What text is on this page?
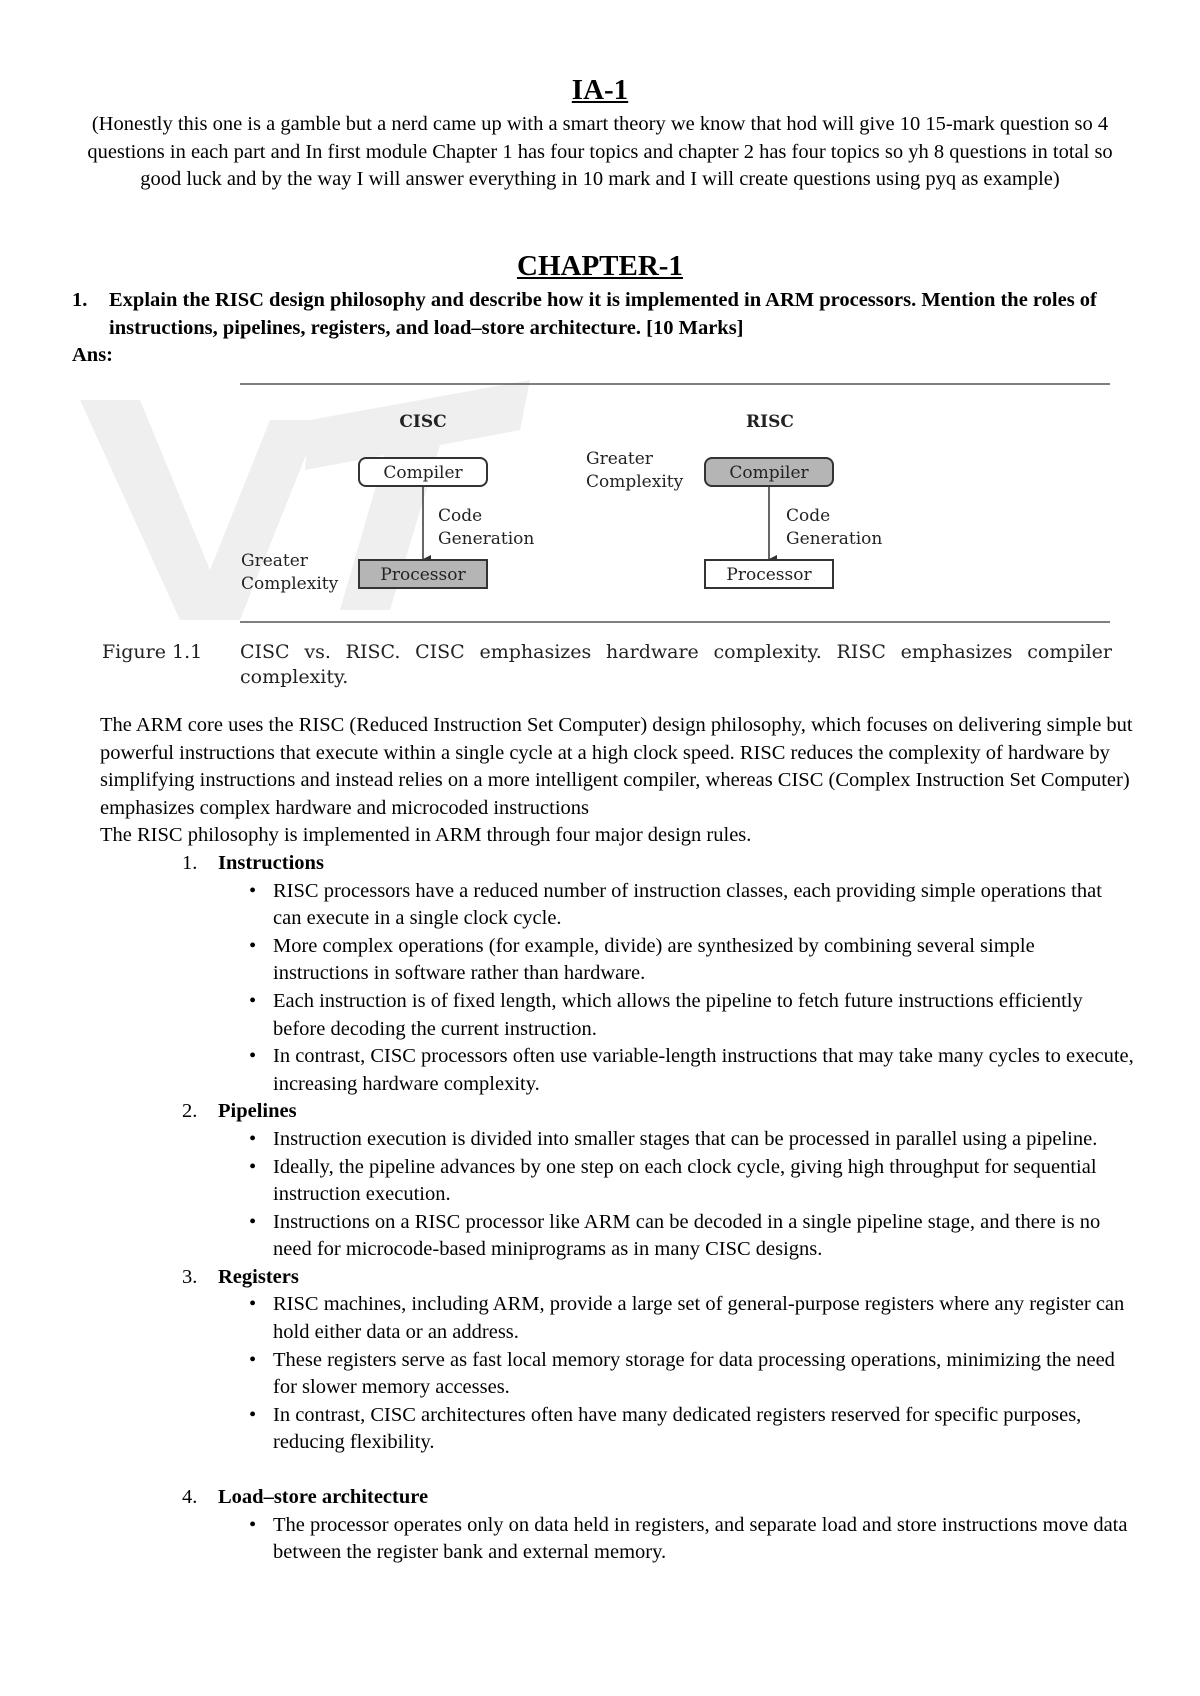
IA-1
(Honestly this one is a gamble but a nerd came up with a smart theory we know that hod will give 10 15-mark question so 4 questions in each part and In first module Chapter 1 has four topics and chapter 2 has four topics so yh 8 questions in total so good luck and by the way I will answer everything in 10 mark and I will create questions using pyq as example)
CHAPTER-1
1. Explain the RISC design philosophy and describe how it is implemented in ARM processors. Mention the roles of instructions, pipelines, registers, and load–store architecture. [10 Marks]
Ans:
CISC
Compiler
Code
Generation
Processor
Greater
Complexity
RISC
Greater
Complexity	Compiler
Code
Generation
Processor
Figure 1.1 CISC vs. RISC. CISC emphasizes hardware complexity. RISC emphasizes compiler complexity.

The ARM core uses the RISC (Reduced Instruction Set Computer) design philosophy, which focuses on delivering simple but powerful instructions that execute within a single cycle at a high clock speed. RISC reduces the complexity of hardware by simplifying instructions and instead relies on a more intelligent compiler, whereas CISC (Complex Instruction Set Computer) emphasizes complex hardware and microcoded instructions

The RISC philosophy is implemented in ARM through four major design rules.

1. Instructions
• RISC processors have a reduced number of instruction classes, each providing simple operations that can execute in a single clock cycle.
• More complex operations (for example, divide) are synthesized by combining several simple instructions in software rather than hardware.
• Each instruction is of fixed length, which allows the pipeline to fetch future instructions efficiently before decoding the current instruction.
• In contrast, CISC processors often use variable-length instructions that may take many cycles to execute, increasing hardware complexity.
2. Pipelines
• Instruction execution is divided into smaller stages that can be processed in parallel using a pipeline.
• Ideally, the pipeline advances by one step on each clock cycle, giving high throughput for sequential instruction execution.
• Instructions on a RISC processor like ARM can be decoded in a single pipeline stage, and there is no need for microcode-based miniprograms as in many CISC designs.
3. Registers
• RISC machines, including ARM, provide a large set of general-purpose registers where any register can hold either data or an address.
• These registers serve as fast local memory storage for data processing operations, minimizing the need for slower memory accesses.
• In contrast, CISC architectures often have many dedicated registers reserved for specific purposes, reducing flexibility.
4. Load–store architecture
• The processor operates only on data held in registers, and separate load and store instructions move data between the register bank and external memory.
